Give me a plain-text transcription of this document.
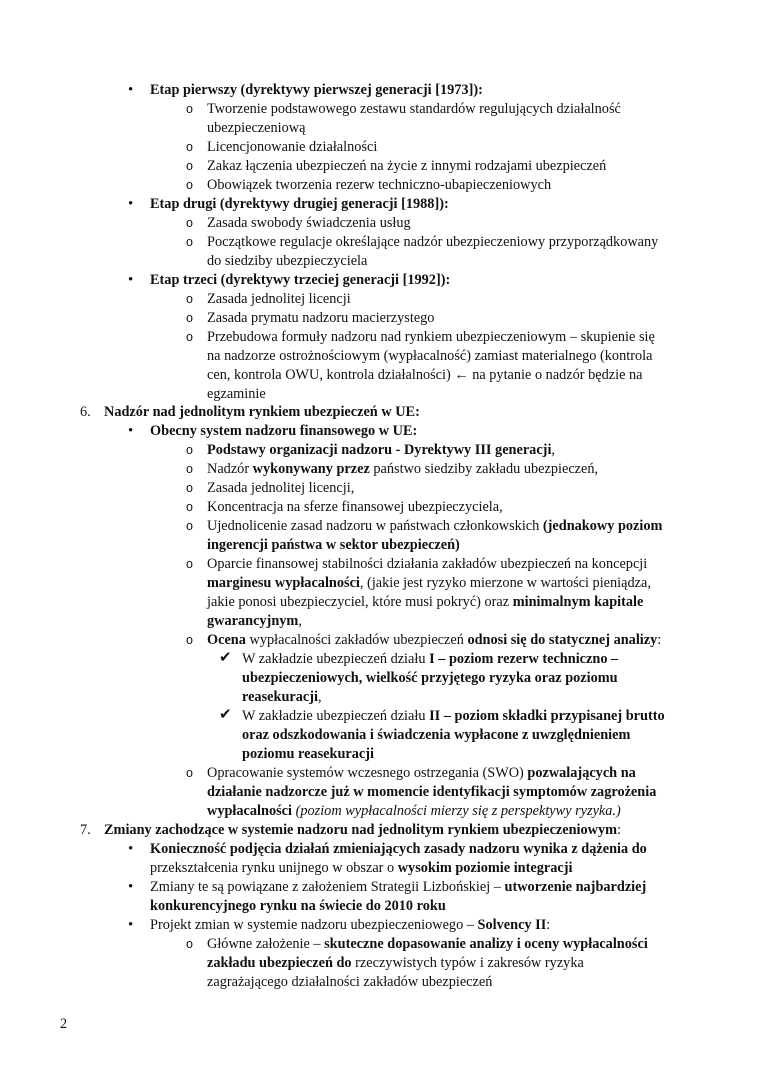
• Etap pierwszy (dyrektywy pierwszej generacji [1973]):
o Tworzenie podstawowego zestawu standardów regulujących działalność
ubezpieczeniową
o Licencjonowanie działalności
o Zakaz łączenia ubezpieczeń na życie z innymi rodzajami ubezpieczeń
o Obowiązek tworzenia rezerw techniczno-ubapieczeniowych
• Etap drugi (dyrektywy drugiej generacji [1988]):
o Zasada swobody świadczenia usług
o Początkowe regulacje określające nadzór ubezpieczeniowy przyporządkowany
do siedziby ubezpieczyciela
• Etap trzeci (dyrektywy trzeciej generacji [1992]):
o Zasada jednolitej licencji
o Zasada prymatu nadzoru macierzystego
o Przebudowa formuły nadzoru nad rynkiem ubezpieczeniowym – skupienie się
na nadzorze ostrożnościowym (wypłacalność) zamiast materialnego (kontrola
cen, kontrola OWU, kontrola działalności) ← na pytanie o nadzór będzie na
egzaminie
6. Nadzór nad jednolitym rynkiem ubezpieczeń w UE:
• Obecny system nadzoru finansowego w UE:
o Podstawy organizacji nadzoru - Dyrektywy III generacji,
o Nadzór wykonywany przez państwo siedziby zakładu ubezpieczeń,
o Zasada jednolitej licencji,
o Koncentracja na sferze finansowej ubezpieczyciela,
o Ujednolicenie zasad nadzoru w państwach członkowskich (jednakowy poziom
ingerencji państwa w sektor ubezpieczeń)
o Oparcie finansowej stabilności działania zakładów ubezpieczeń na koncepcji
marginesu wypłacalności, (jakie jest ryzyko mierzone w wartości pieniądza,
jakie ponosi ubezpieczyciel, które musi pokryć) oraz minimalnym kapitale
gwarancyjnym,
o Ocena wypłacalności zakładów ubezpieczeń odnosi się do statycznej analizy:
✔ W zakładzie ubezpieczeń działu I – poziom rezerw techniczno –
ubezpieczeniowych, wielkość przyjętego ryzyka oraz poziomu
reasekuracji,
✔ W zakładzie ubezpieczeń działu II – poziom składki przypisanej brutto
oraz odszkodowania i świadczenia wypłacone z uwzględnieniem
poziomu reasekuracji
o Opracowanie systemów wczesnego ostrzegania (SWO) pozwalających na
działanie nadzorcze już w momencie identyfikacji symptomów zagrożenia
wypłacalności (poziom wypłacalności mierzy się z perspektywy ryzyka.)
7. Zmiany zachodzące w systemie nadzoru nad jednolitym rynkiem ubezpieczeniowym:
• Konieczność podjęcia działań zmieniających zasady nadzoru wynika z dążenia do
przekształcenia rynku unijnego w obszar o wysokim poziomie integracji
• Zmiany te są powiązane z założeniem Strategii Lizbońskiej – utworzenie najbardziej
konkurencyjnego rynku na świecie do 2010 roku
• Projekt zmian w systemie nadzoru ubezpieczeniowego – Solvency II:
o Główne założenie – skuteczne dopasowanie analizy i oceny wypłacalności
zakładu ubezpieczeń do rzeczywistych typów i zakresów ryzyka
zagrażającego działalności zakładów ubezpieczeń
2
